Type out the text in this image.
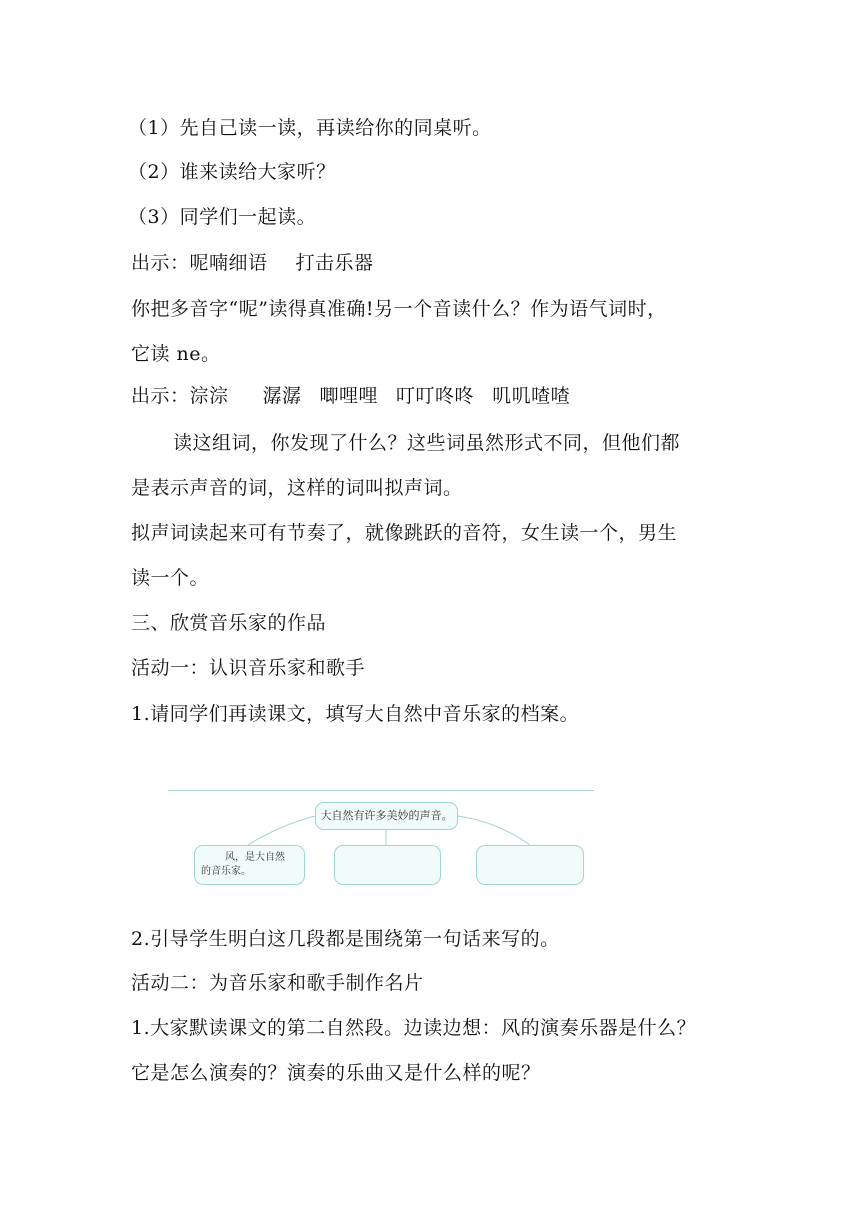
（1）先自己读一读，再读给你的同桌听。
（2）谁来读给大家听？
（3）同学们一起读。
出示：呢喃细语 打击乐器
你把多音字“呢”读得真准确!另一个音读什么？作为语气词时，
它读 ne。
出示：淙淙 潺潺 唧哩哩 叮叮咚咚 叽叽喳喳
读这组词，你发现了什么？这些词虽然形式不同，但他们都
是表示声音的词，这样的词叫拟声词。
拟声词读起来可有节奏了，就像跳跃的音符，女生读一个，男生
读一个。
三、欣赏音乐家的作品
活动一：认识音乐家和歌手
1.请同学们再读课文，填写大自然中音乐家的档案。
大自然有许多美妙的声音。
风，是大自然
的音乐家。
2.引导学生明白这几段都是围绕第一句话来写的。
活动二：为音乐家和歌手制作名片
1.大家默读课文的第二自然段。边读边想：风的演奏乐器是什么？
它是怎么演奏的？演奏的乐曲又是什么样的呢？
